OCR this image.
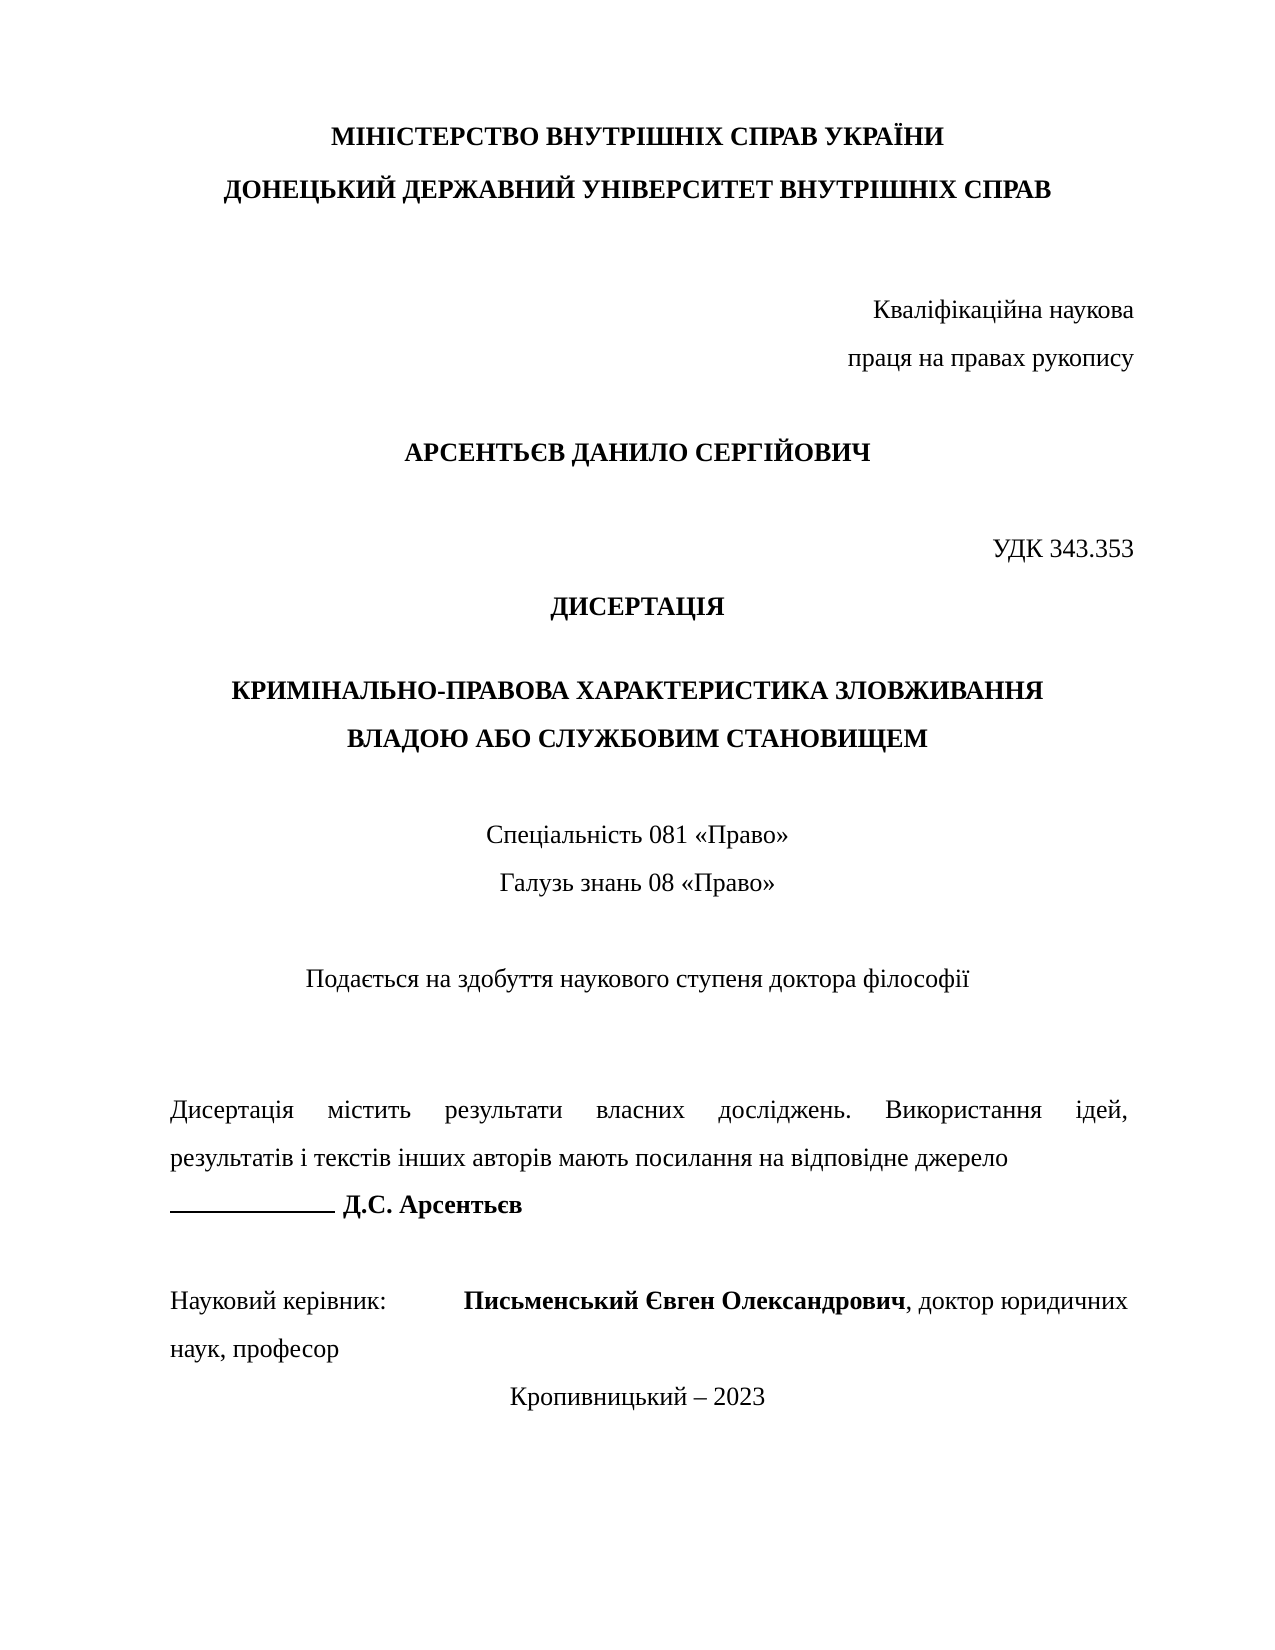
МІНІСТЕРСТВО ВНУТРІШНІХ СПРАВ УКРАЇНИ
ДОНЕЦЬКИЙ ДЕРЖАВНИЙ УНІВЕРСИТЕТ ВНУТРІШНІХ СПРАВ
Кваліфікаційна наукова
праця на правах рукопису
АРСЕНТЬЄВ ДАНИЛО СЕРГІЙОВИЧ
УДК 343.353
ДИСЕРТАЦІЯ
КРИМІНАЛЬНО-ПРАВОВА ХАРАКТЕРИСТИКА ЗЛОВЖИВАННЯ
ВЛАДОЮ АБО СЛУЖБОВИМ СТАНОВИЩЕМ
Спеціальність 081 «Право»
Галузь знань 08 «Право»
Подається на здобуття наукового ступеня доктора філософії
Дисертація містить результати власних досліджень. Використання ідей,
результатів і текстів інших авторів мають посилання на відповідне джерело
Д.С. Арсентьєв
Науковий керівник:	Письменський Євген Олександрович, доктор юридичних
наук, професор
Кропивницький – 2023
